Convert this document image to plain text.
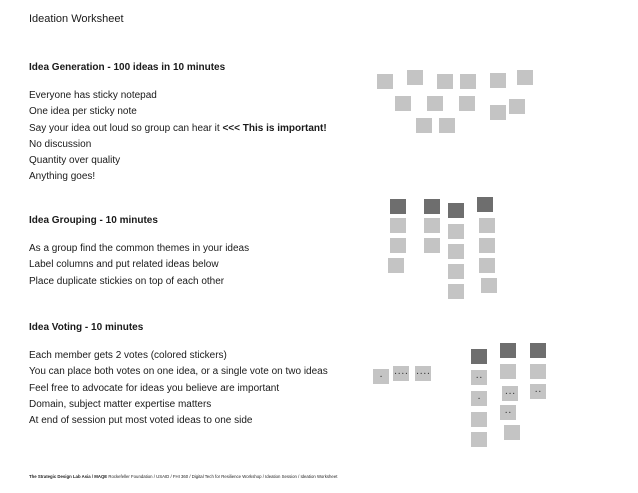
Ideation Worksheet
Idea Generation - 100 ideas in 10 minutes
Everyone has sticky notepad
One idea per sticky note
Say your idea out loud so group can hear it <<< This is important!
No discussion
Quantity over quality
Anything goes!
Idea Grouping - 10 minutes
As a group find the common themes in your ideas
Label columns and put related ideas below
Place duplicate stickies on top of each other
Idea Voting - 10 minutes
Each member gets 2 votes (colored stickers)
You can place both votes on one idea, or a single vote on two ideas
Feel free to advocate for ideas you believe are important
Domain, subject matter expertise matters
At end of session put most voted ideas to one side
•
• • • •	• • • •
• •
•
• • •
• •
• •
The Strategic Design Lab Asia / MAQE Rockefeller Foundation / USAID / FHI 360 / Digital Tech for Resilience Workshop / Ideation Session / Ideation Worksheet
